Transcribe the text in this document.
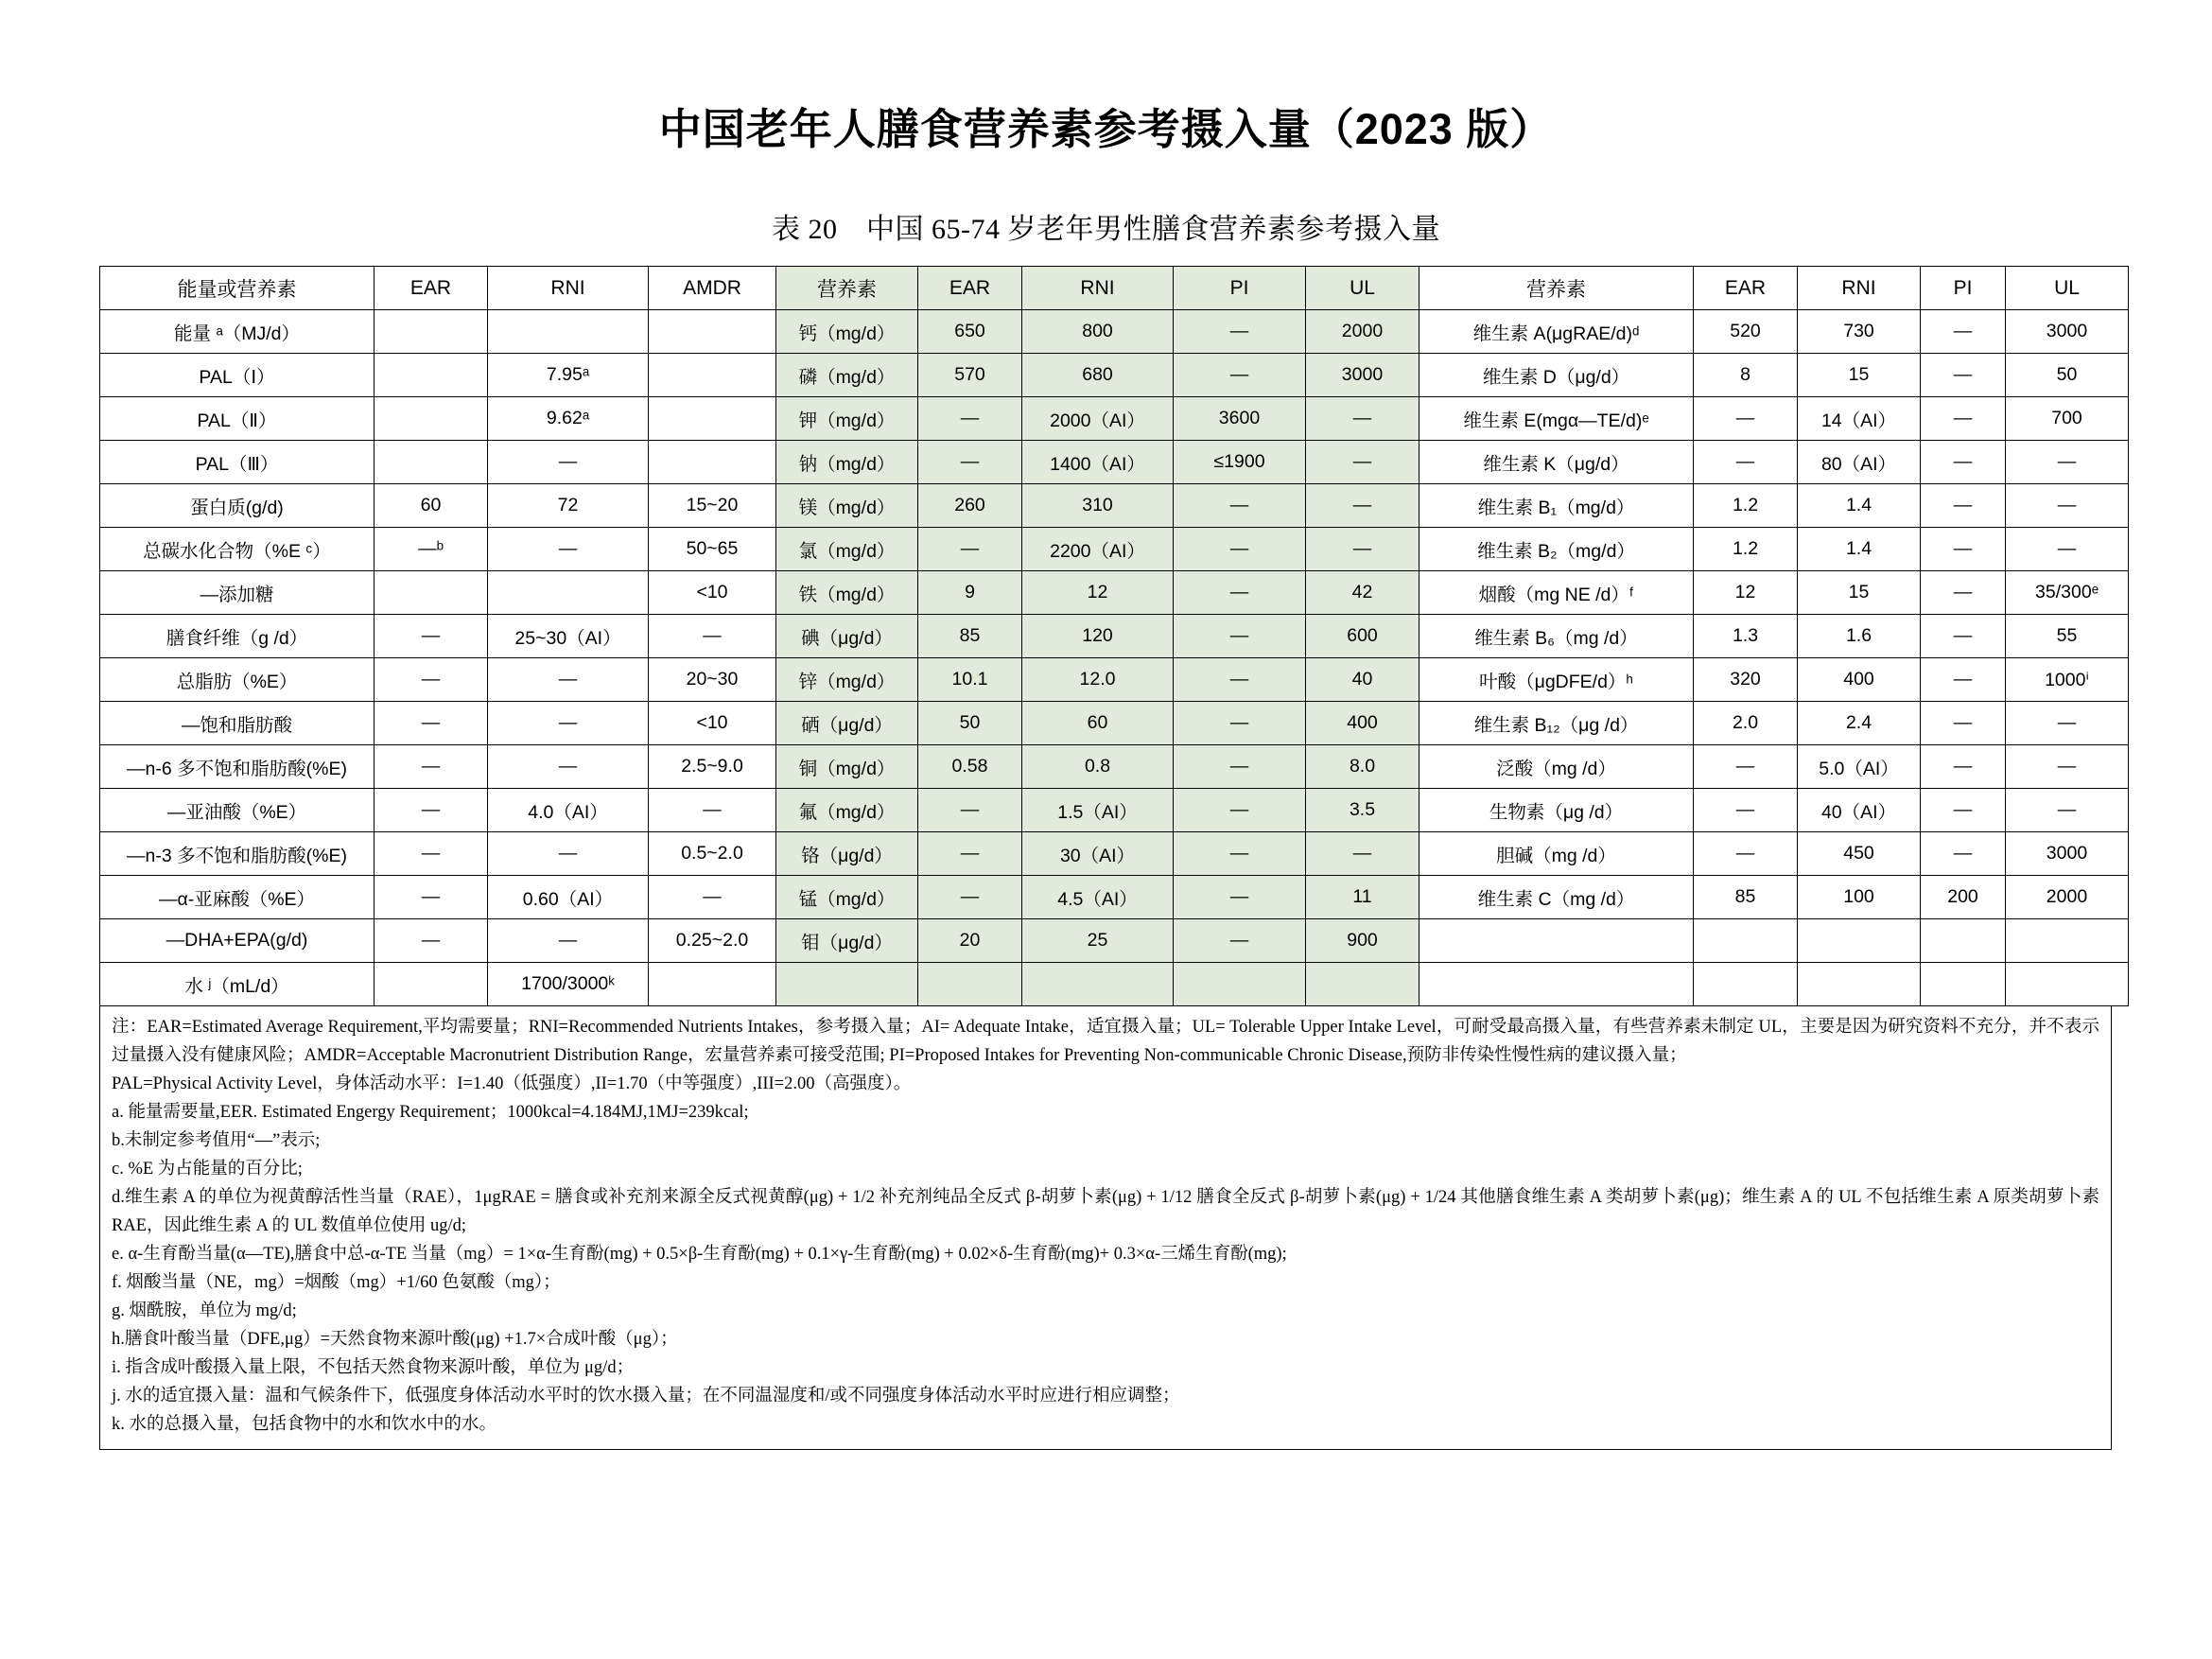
中国老年人膳食营养素参考摄入量（2023 版）
表 20　中国 65-74 岁老年男性膳食营养素参考摄入量
能量或营养素	EAR	RNI	AMDR	营养素	EAR	RNI	PI	UL	营养素	EAR	RNI	PI	UL
能量 ᵃ（MJ/d）				钙（mg/d）	650	800	—	2000	维生素 A(μgRAE/d)ᵈ	520	730	—	3000
PAL（Ⅰ）		7.95ᵃ		磷（mg/d）	570	680	—	3000	维生素 D（μg/d）	8	15	—	50
PAL（Ⅱ）		9.62ᵃ		钾（mg/d）	—	2000（AI）	3600	—	维生素 E(mgα—TE/d)ᵉ	—	14（AI）	—	700
PAL（Ⅲ）		—		钠（mg/d）	—	1400（AI）	≤1900	—	维生素 K（μg/d）	—	80（AI）	—	—
蛋白质(g/d)	60	72	15~20	镁（mg/d）	260	310	—	—	维生素 B₁（mg/d）	1.2	1.4	—	—
总碳水化合物（%E ᶜ）	—ᵇ	—	50~65	氯（mg/d）	—	2200（AI）	—	—	维生素 B₂（mg/d）	1.2	1.4	—	—
—添加糖			<10	铁（mg/d）	9	12	—	42	烟酸（mg NE /d）ᶠ	12	15	—	35/300ᵉ
膳食纤维（g /d）	—	25~30（AI）	—	碘（μg/d）	85	120	—	600	维生素 B₆（mg /d）	1.3	1.6	—	55
总脂肪（%E）	—	—	20~30	锌（mg/d）	10.1	12.0	—	40	叶酸（μgDFE/d）ʰ	320	400	—	1000ⁱ
—饱和脂肪酸	—	—	<10	硒（μg/d）	50	60	—	400	维生素 B₁₂（μg /d）	2.0	2.4	—	—
—n-6 多不饱和脂肪酸(%E)	—	—	2.5~9.0	铜（mg/d）	0.58	0.8	—	8.0	泛酸（mg /d）	—	5.0（AI）	—	—
—亚油酸（%E）	—	4.0（AI）	—	氟（mg/d）	—	1.5（AI）	—	3.5	生物素（μg /d）	—	40（AI）	—	—
—n-3 多不饱和脂肪酸(%E)	—	—	0.5~2.0	铬（μg/d）	—	30（AI）	—	—	胆碱（mg /d）	—	450	—	3000
—α-亚麻酸（%E）	—	0.60（AI）	—	锰（mg/d）	—	4.5（AI）	—	11	维生素 C（mg /d）	85	100	200	2000
—DHA+EPA(g/d)	—	—	0.25~2.0	钼（μg/d）	20	25	—	900					
水 ʲ（mL/d）		1700/3000ᵏ											

注：EAR=Estimated Average Requirement,平均需要量；RNI=Recommended Nutrients Intakes，参考摄入量；AI= Adequate Intake，适宜摄入量；UL= Tolerable Upper Intake Level，可耐受最高摄入量，有些营养素未制定 UL，主要是因为研究资料不充分，并不表示过量摄入没有健康风险；AMDR=Acceptable Macronutrient Distribution Range，宏量营养素可接受范围; PI=Proposed Intakes for Preventing Non-communicable Chronic Disease,预防非传染性慢性病的建议摄入量；

PAL=Physical Activity Level，身体活动水平：I=1.40（低强度）,II=1.70（中等强度）,III=2.00（高强度）。

a. 能量需要量,EER. Estimated Engergy Requirement；1000kcal=4.184MJ,1MJ=239kcal;

b.未制定参考值用“—”表示;

c. %E 为占能量的百分比;

d.维生素 A 的单位为视黄醇活性当量（RAE），1μgRAE = 膳食或补充剂来源全反式视黄醇(μg) + 1/2 补充剂纯品全反式 β-胡萝卜素(μg) + 1/12 膳食全反式 β-胡萝卜素(μg) + 1/24 其他膳食维生素 A 类胡萝卜素(μg)；维生素 A 的 UL 不包括维生素 A 原类胡萝卜素 RAE，因此维生素 A 的 UL 数值单位使用 ug/d;

e. α-生育酚当量(α—TE),膳食中总-α-TE 当量（mg）= 1×α-生育酚(mg) + 0.5×β-生育酚(mg) + 0.1×γ-生育酚(mg) + 0.02×δ-生育酚(mg)+ 0.3×α-三烯生育酚(mg);

f. 烟酸当量（NE，mg）=烟酸（mg）+1/60 色氨酸（mg）；

g. 烟酰胺，单位为 mg/d;

h.膳食叶酸当量（DFE,μg）=天然食物来源叶酸(μg) +1.7×合成叶酸（μg）；

i. 指含成叶酸摄入量上限，不包括天然食物来源叶酸，单位为 μg/d；

j. 水的适宜摄入量：温和气候条件下，低强度身体活动水平时的饮水摄入量；在不同温湿度和/或不同强度身体活动水平时应进行相应调整；

k. 水的总摄入量，包括食物中的水和饮水中的水。
